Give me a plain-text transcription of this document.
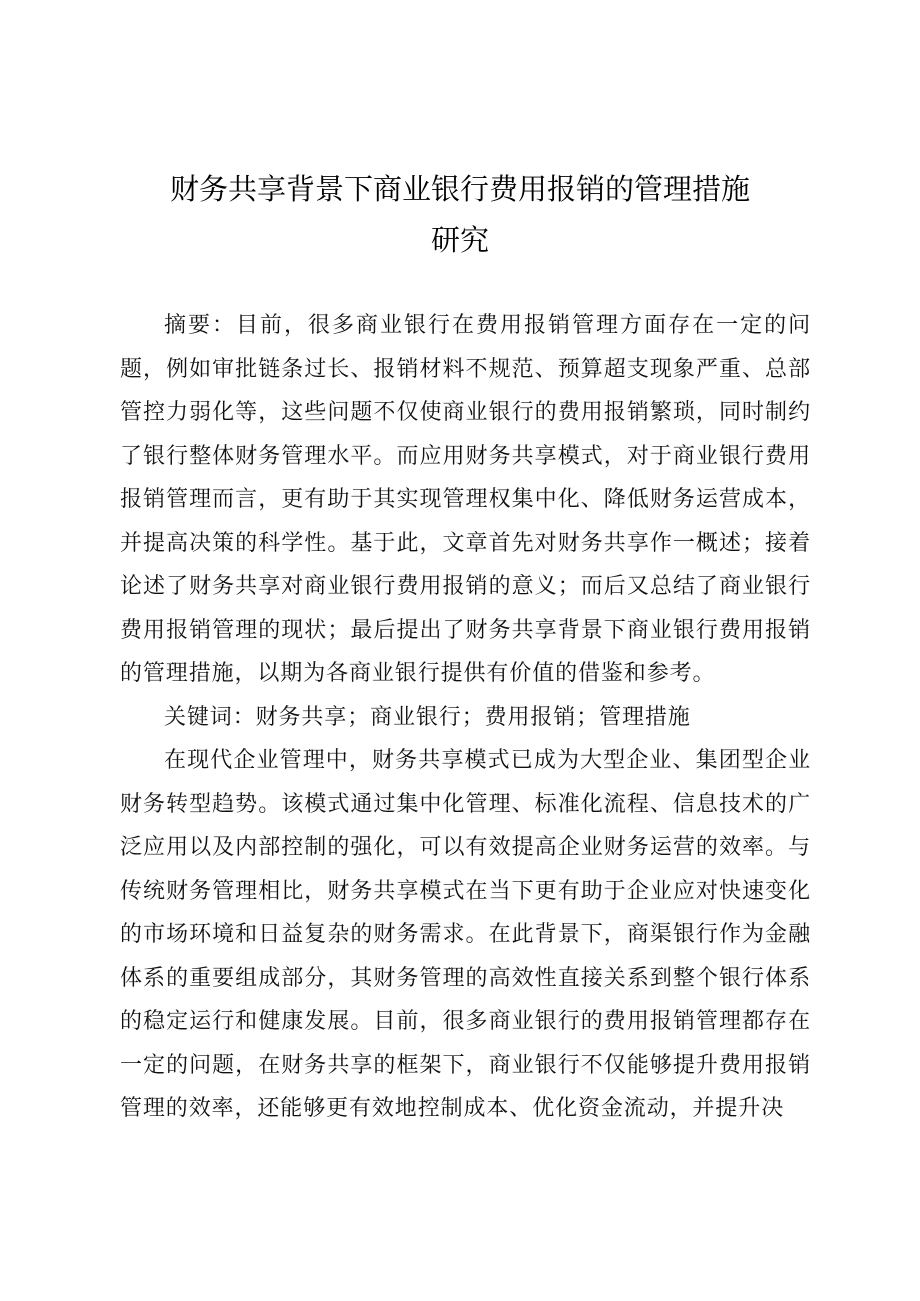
财务共享背景下商业银行费用报销的管理措施
研究

摘要：目前，很多商业银行在费用报销管理方面存在一定的问题，例如审批链条过长、报销材料不规范、预算超支现象严重、总部管控力弱化等，这些问题不仅使商业银行的费用报销繁琐，同时制约了银行整体财务管理水平。而应用财务共享模式，对于商业银行费用报销管理而言，更有助于其实现管理权集中化、降低财务运营成本，并提高决策的科学性。基于此，文章首先对财务共享作一概述；接着论述了财务共享对商业银行费用报销的意义；而后又总结了商业银行费用报销管理的现状；最后提出了财务共享背景下商业银行费用报销的管理措施，以期为各商业银行提供有价值的借鉴和参考。

关键词：财务共享；商业银行；费用报销；管理措施

在现代企业管理中，财务共享模式已成为大型企业、集团型企业财务转型趋势。该模式通过集中化管理、标准化流程、信息技术的广泛应用以及内部控制的强化，可以有效提高企业财务运营的效率。与传统财务管理相比，财务共享模式在当下更有助于企业应对快速变化的市场环境和日益复杂的财务需求。在此背景下，商渠银行作为金融体系的重要组成部分，其财务管理的高效性直接关系到整个银行体系的稳定运行和健康发展。目前，很多商业银行的费用报销管理都存在一定的问题，在财务共享的框架下，商业银行不仅能够提升费用报销管理的效率，还能够更有效地控制成本、优化资金流动，并提升决
